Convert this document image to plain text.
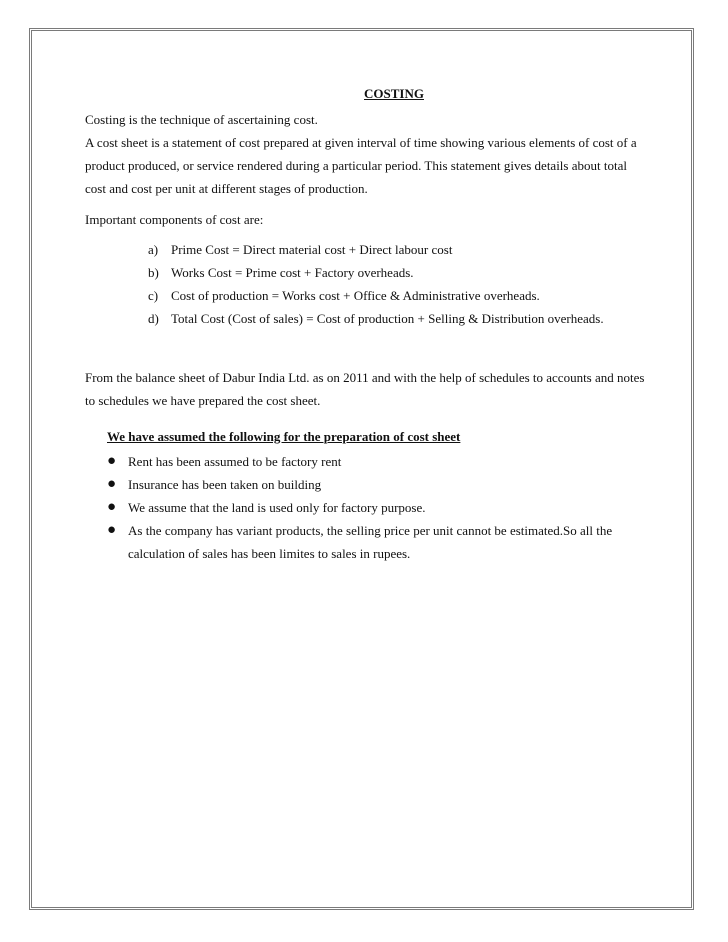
COSTING

Costing is the technique of ascertaining cost.

A cost sheet is a statement of cost prepared at given interval of time showing various elements of cost of a product produced, or service rendered during a particular period. This statement gives details about total cost and cost per unit at different stages of production.

Important components of cost are:

a) Prime Cost = Direct material cost + Direct labour cost
b) Works Cost = Prime cost + Factory overheads.
c) Cost of production = Works cost + Office & Administrative overheads.
d) Total Cost (Cost of sales) = Cost of production + Selling & Distribution overheads.

From the balance sheet of Dabur India Ltd. as on 2011 and with the help of schedules to accounts and notes to schedules we have prepared the cost sheet.

We have assumed the following for the preparation of cost sheet

● Rent has been assumed to be factory rent
● Insurance has been taken on building
● We assume that the land is used only for factory purpose.
● As the company has variant products, the selling price per unit cannot be estimated.So all the calculation of sales has been limites to sales in rupees.
